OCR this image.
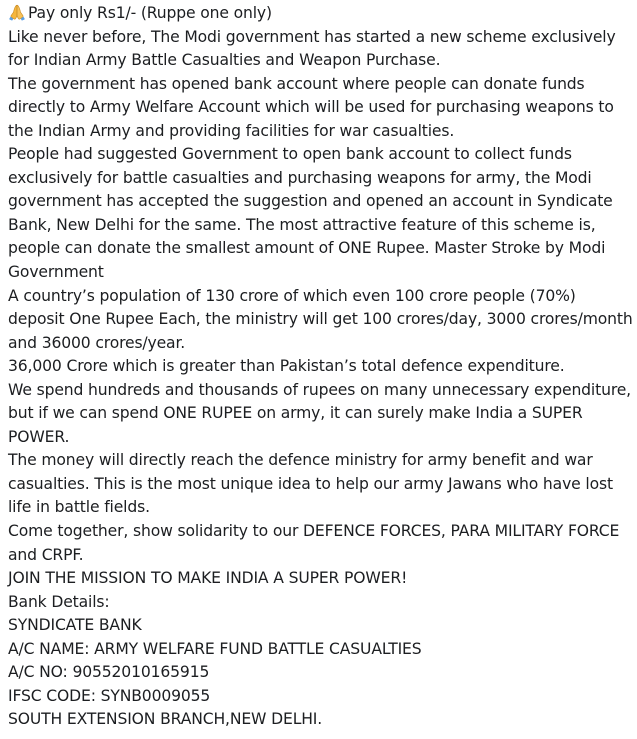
Pay only Rs1/- (Ruppe one only)
Like never before, The Modi government has started a new scheme exclusively for Indian Army Battle Casualties and Weapon Purchase.
The government has opened bank account where people can donate funds directly to Army Welfare Account which will be used for purchasing weapons to the Indian Army and providing facilities for war casualties.
People had suggested Government to open bank account to collect funds exclusively for battle casualties and purchasing weapons for army, the Modi government has accepted the suggestion and opened an account in Syndicate Bank, New Delhi for the same. The most attractive feature of this scheme is, people can donate the smallest amount of ONE Rupee. Master Stroke by Modi Government
A country’s population of 130 crore of which even 100 crore people (70%) deposit One Rupee Each, the ministry will get 100 crores/day, 3000 crores/month and 36000 crores/year.
36,000 Crore which is greater than Pakistan’s total defence expenditure.
We spend hundreds and thousands of rupees on many unnecessary expenditure, but if we can spend ONE RUPEE on army, it can surely make India a SUPER POWER.
The money will directly reach the defence ministry for army benefit and war casualties. This is the most unique idea to help our army Jawans who have lost life in battle fields.
Come together, show solidarity to our DEFENCE FORCES, PARA MILITARY FORCE and CRPF.
JOIN THE MISSION TO MAKE INDIA A SUPER POWER!
Bank Details:
SYNDICATE BANK
A/C NAME: ARMY WELFARE FUND BATTLE CASUALTIES
A/C NO: 90552010165915
IFSC CODE: SYNB0009055
SOUTH EXTENSION BRANCH,NEW DELHI.
